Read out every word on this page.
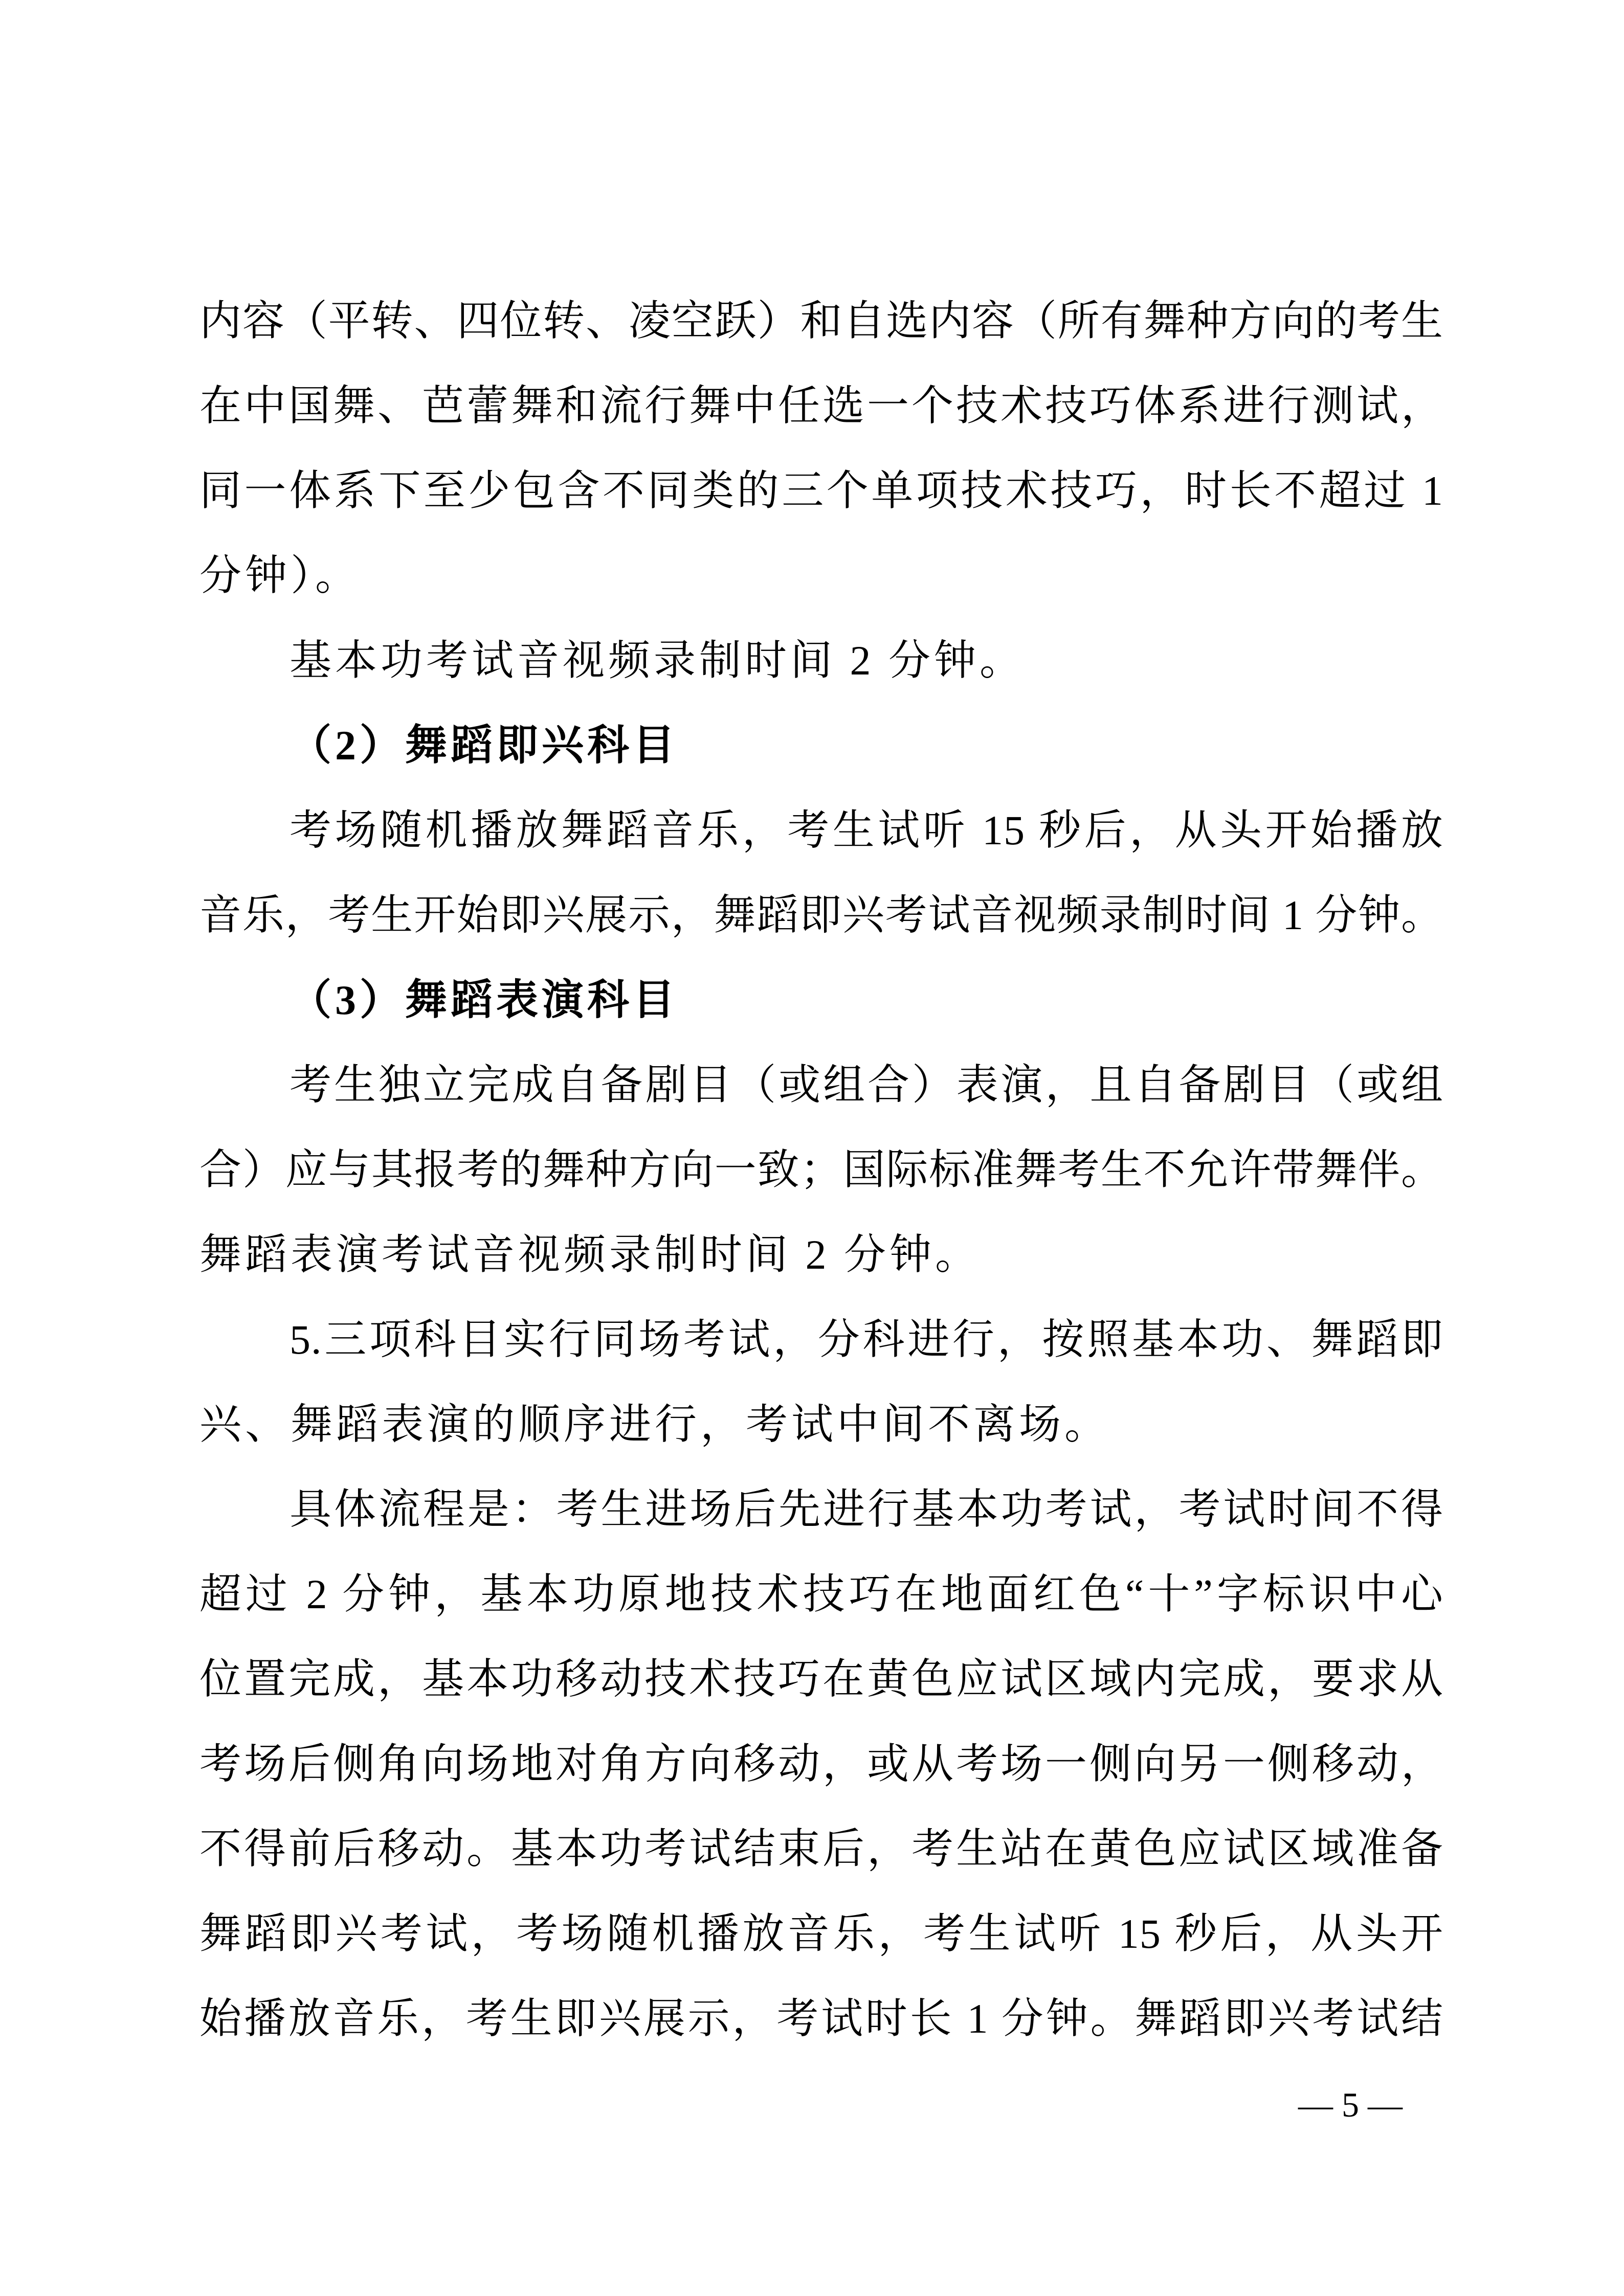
内容（平转、四位转、凌空跃）和自选内容（所有舞种方向的考生
在中国舞、芭蕾舞和流行舞中任选一个技术技巧体系进行测试，
同一体系下至少包含不同类的三个单项技术技巧，时长不超过 1
分钟）。
基本功考试音视频录制时间 2 分钟。
（2）舞蹈即兴科目
考场随机播放舞蹈音乐，考生试听 15 秒后，从头开始播放
音乐，考生开始即兴展示，舞蹈即兴考试音视频录制时间 1 分钟。
（3）舞蹈表演科目
考生独立完成自备剧目（或组合）表演，且自备剧目（或组
合）应与其报考的舞种方向一致；国际标准舞考生不允许带舞伴。
舞蹈表演考试音视频录制时间 2 分钟。
5.三项科目实行同场考试，分科进行，按照基本功、舞蹈即
兴、舞蹈表演的顺序进行，考试中间不离场。
具体流程是：考生进场后先进行基本功考试，考试时间不得
超过 2 分钟，基本功原地技术技巧在地面红色“十”字标识中心
位置完成，基本功移动技术技巧在黄色应试区域内完成，要求从
考场后侧角向场地对角方向移动，或从考场一侧向另一侧移动，
不得前后移动。基本功考试结束后，考生站在黄色应试区域准备
舞蹈即兴考试，考场随机播放音乐，考生试听 15 秒后，从头开
始播放音乐，考生即兴展示，考试时长 1 分钟。舞蹈即兴考试结
— 5 —
